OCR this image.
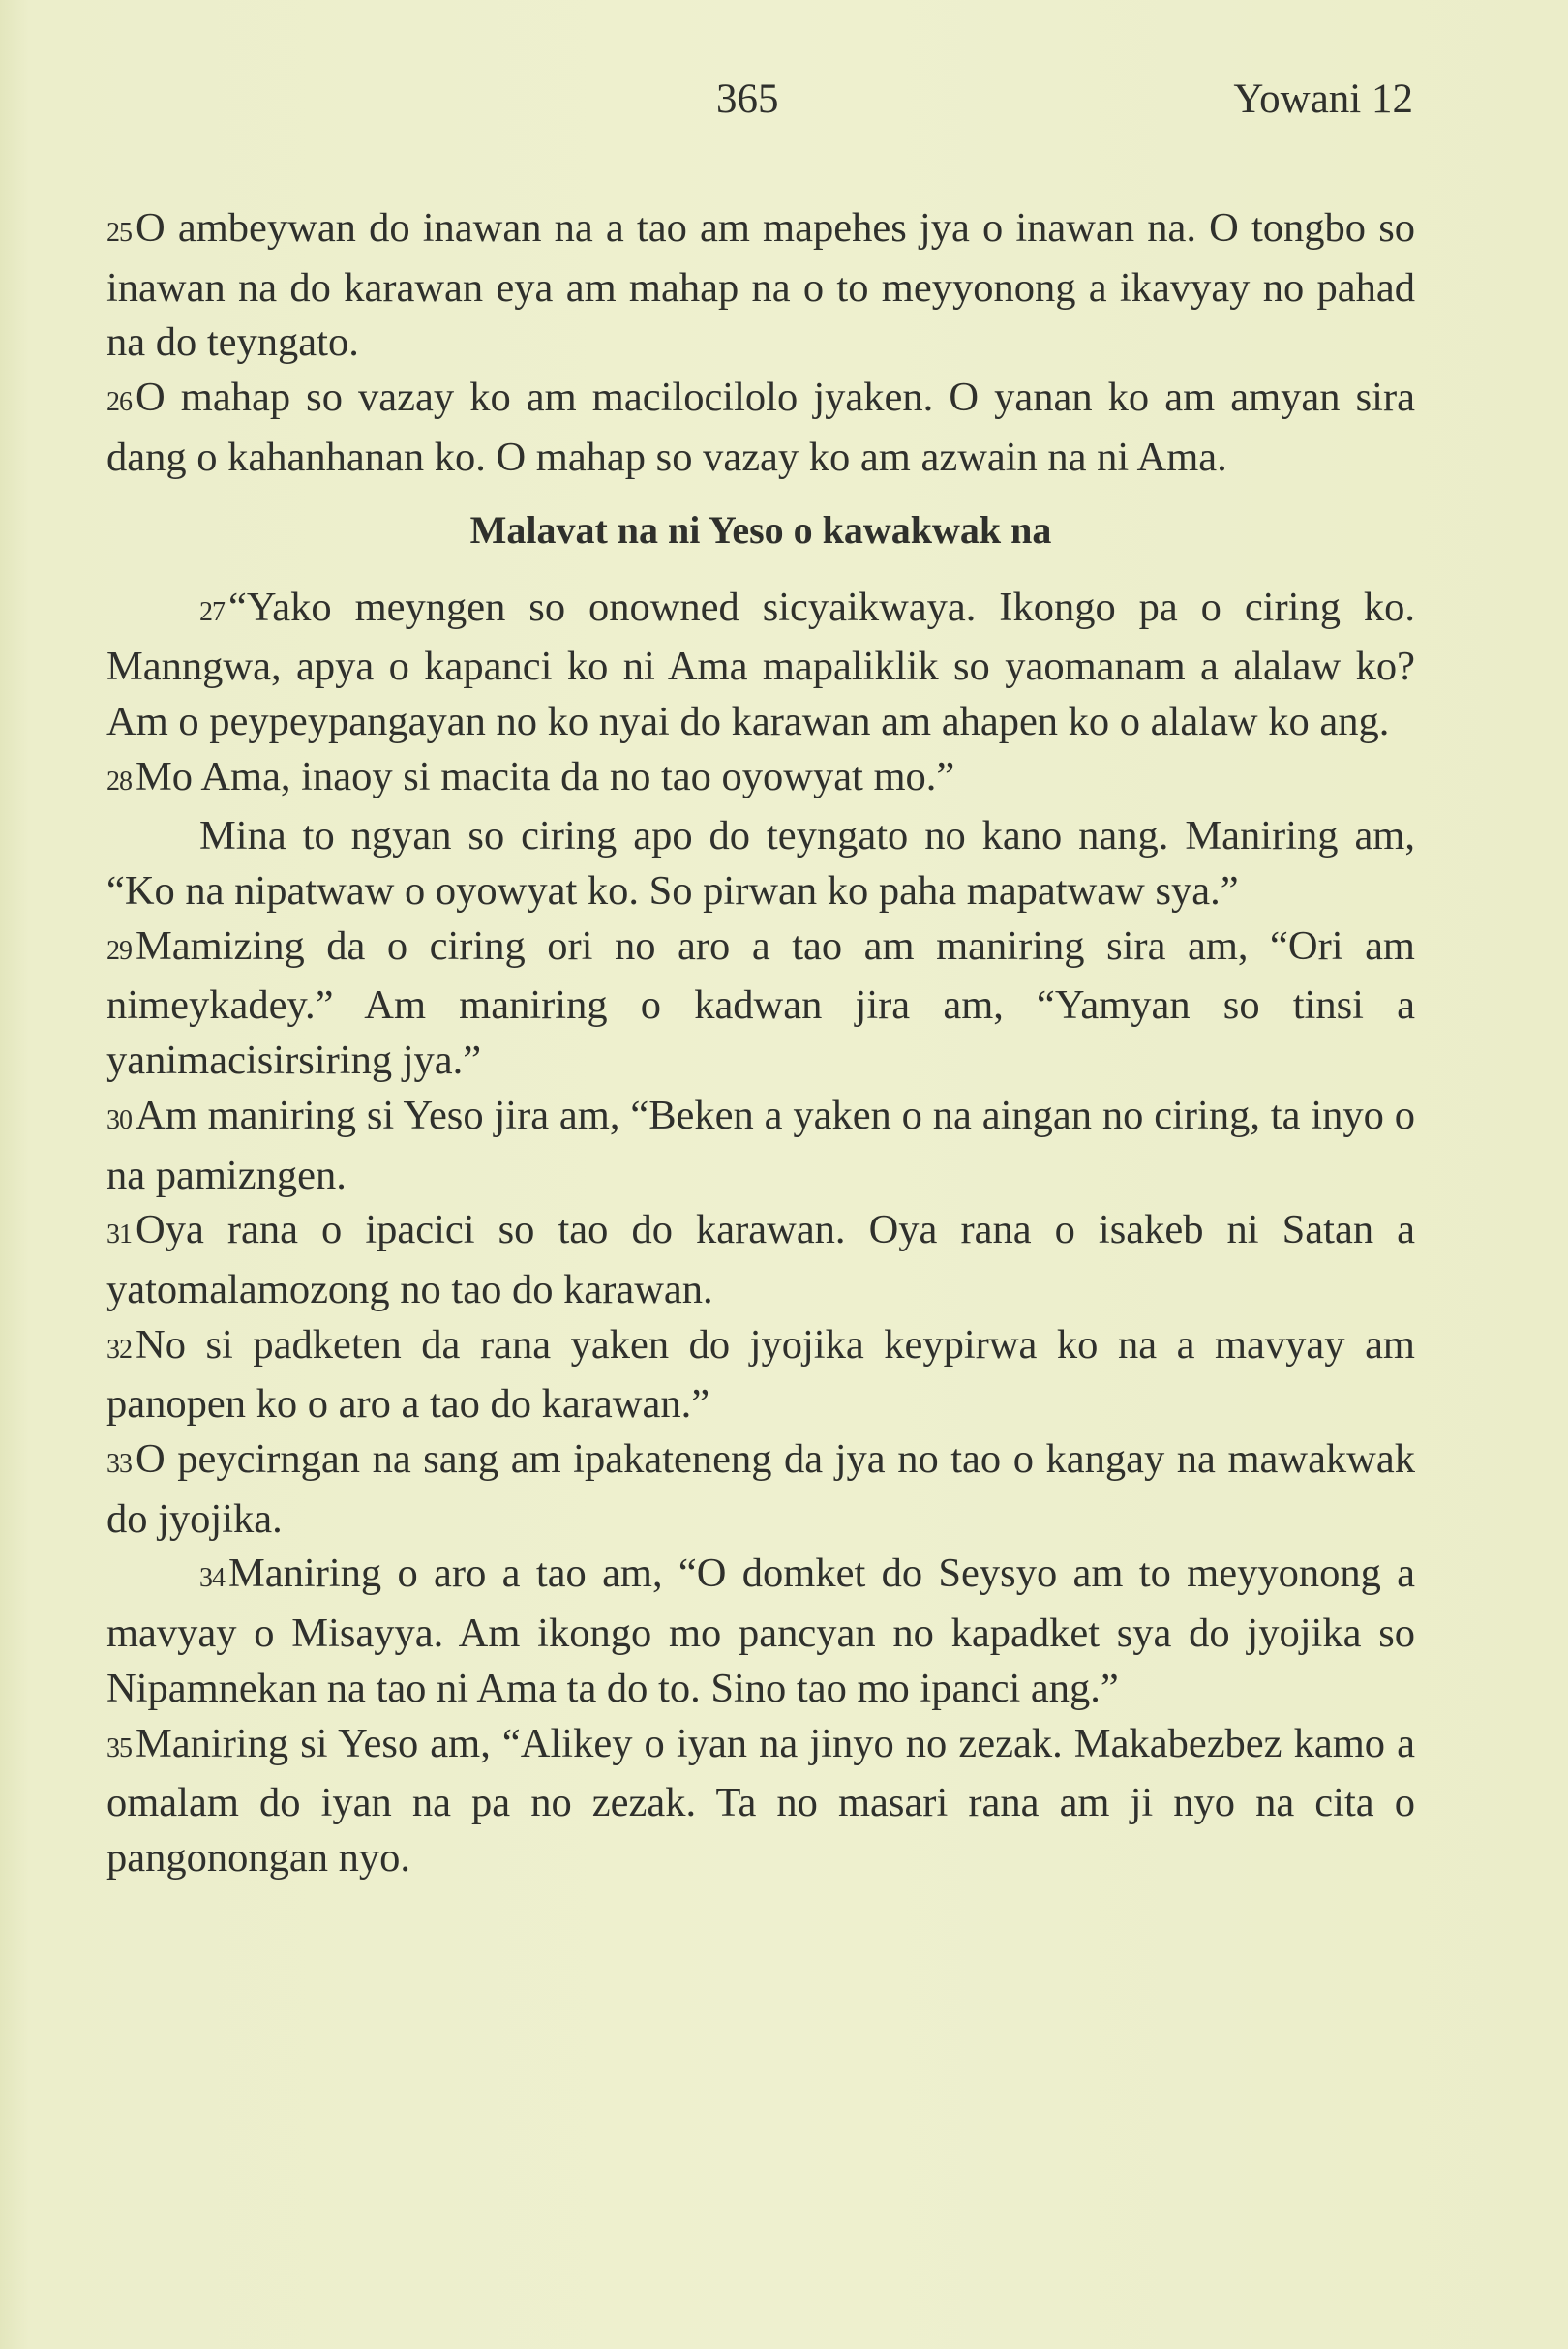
365	Yowani 12

25O ambeywan do inawan na a tao am mapehes jya o inawan na. O tongbo so inawan na do karawan eya am mahap na o to meyyonong a ikavyay no pahad na do teyngato.

26O mahap so vazay ko am macilocilolo jyaken. O yanan ko am amyan sira dang o kahanhanan ko. O mahap so vazay ko am azwain na ni Ama.

Malavat na ni Yeso o kawakwak na

27“Yako meyngen so onowned sicyaikwaya. Ikongo pa o ciring ko. Manngwa, apya o kapanci ko ni Ama mapaliklik so yaomanam a alalaw ko? Am o peypeypangayan no ko nyai do karawan am ahapen ko o alalaw ko ang.

28Mo Ama, inaoy si macita da no tao oyowyat mo.”

Mina to ngyan so ciring apo do teyngato no kano nang. Maniring am, “Ko na nipatwaw o oyowyat ko. So pirwan ko paha mapatwaw sya.”

29Mamizing da o ciring ori no aro a tao am maniring sira am, “Ori am nimeykadey.” Am maniring o kadwan jira am, “Yamyan so tinsi a yanimacisirsiring jya.”

30Am maniring si Yeso jira am, “Beken a yaken o na aingan no ciring, ta inyo o na pamizngen.

31Oya rana o ipacici so tao do karawan. Oya rana o isakeb ni Satan a yatomalamozong no tao do karawan.

32No si padketen da rana yaken do jyojika keypirwa ko na a mavyay am panopen ko o aro a tao do karawan.”

33O peycirngan na sang am ipakateneng da jya no tao o kangay na mawakwak do jyojika.

34Maniring o aro a tao am, “O domket do Seysyo am to meyyonong a mavyay o Misayya. Am ikongo mo pancyan no kapadket sya do jyojika so Nipamnekan na tao ni Ama ta do to. Sino tao mo ipanci ang.”

35Maniring si Yeso am, “Alikey o iyan na jinyo no zezak. Makabezbez kamo a omalam do iyan na pa no zezak. Ta no masari rana am ji nyo na cita o pangonongan nyo.
